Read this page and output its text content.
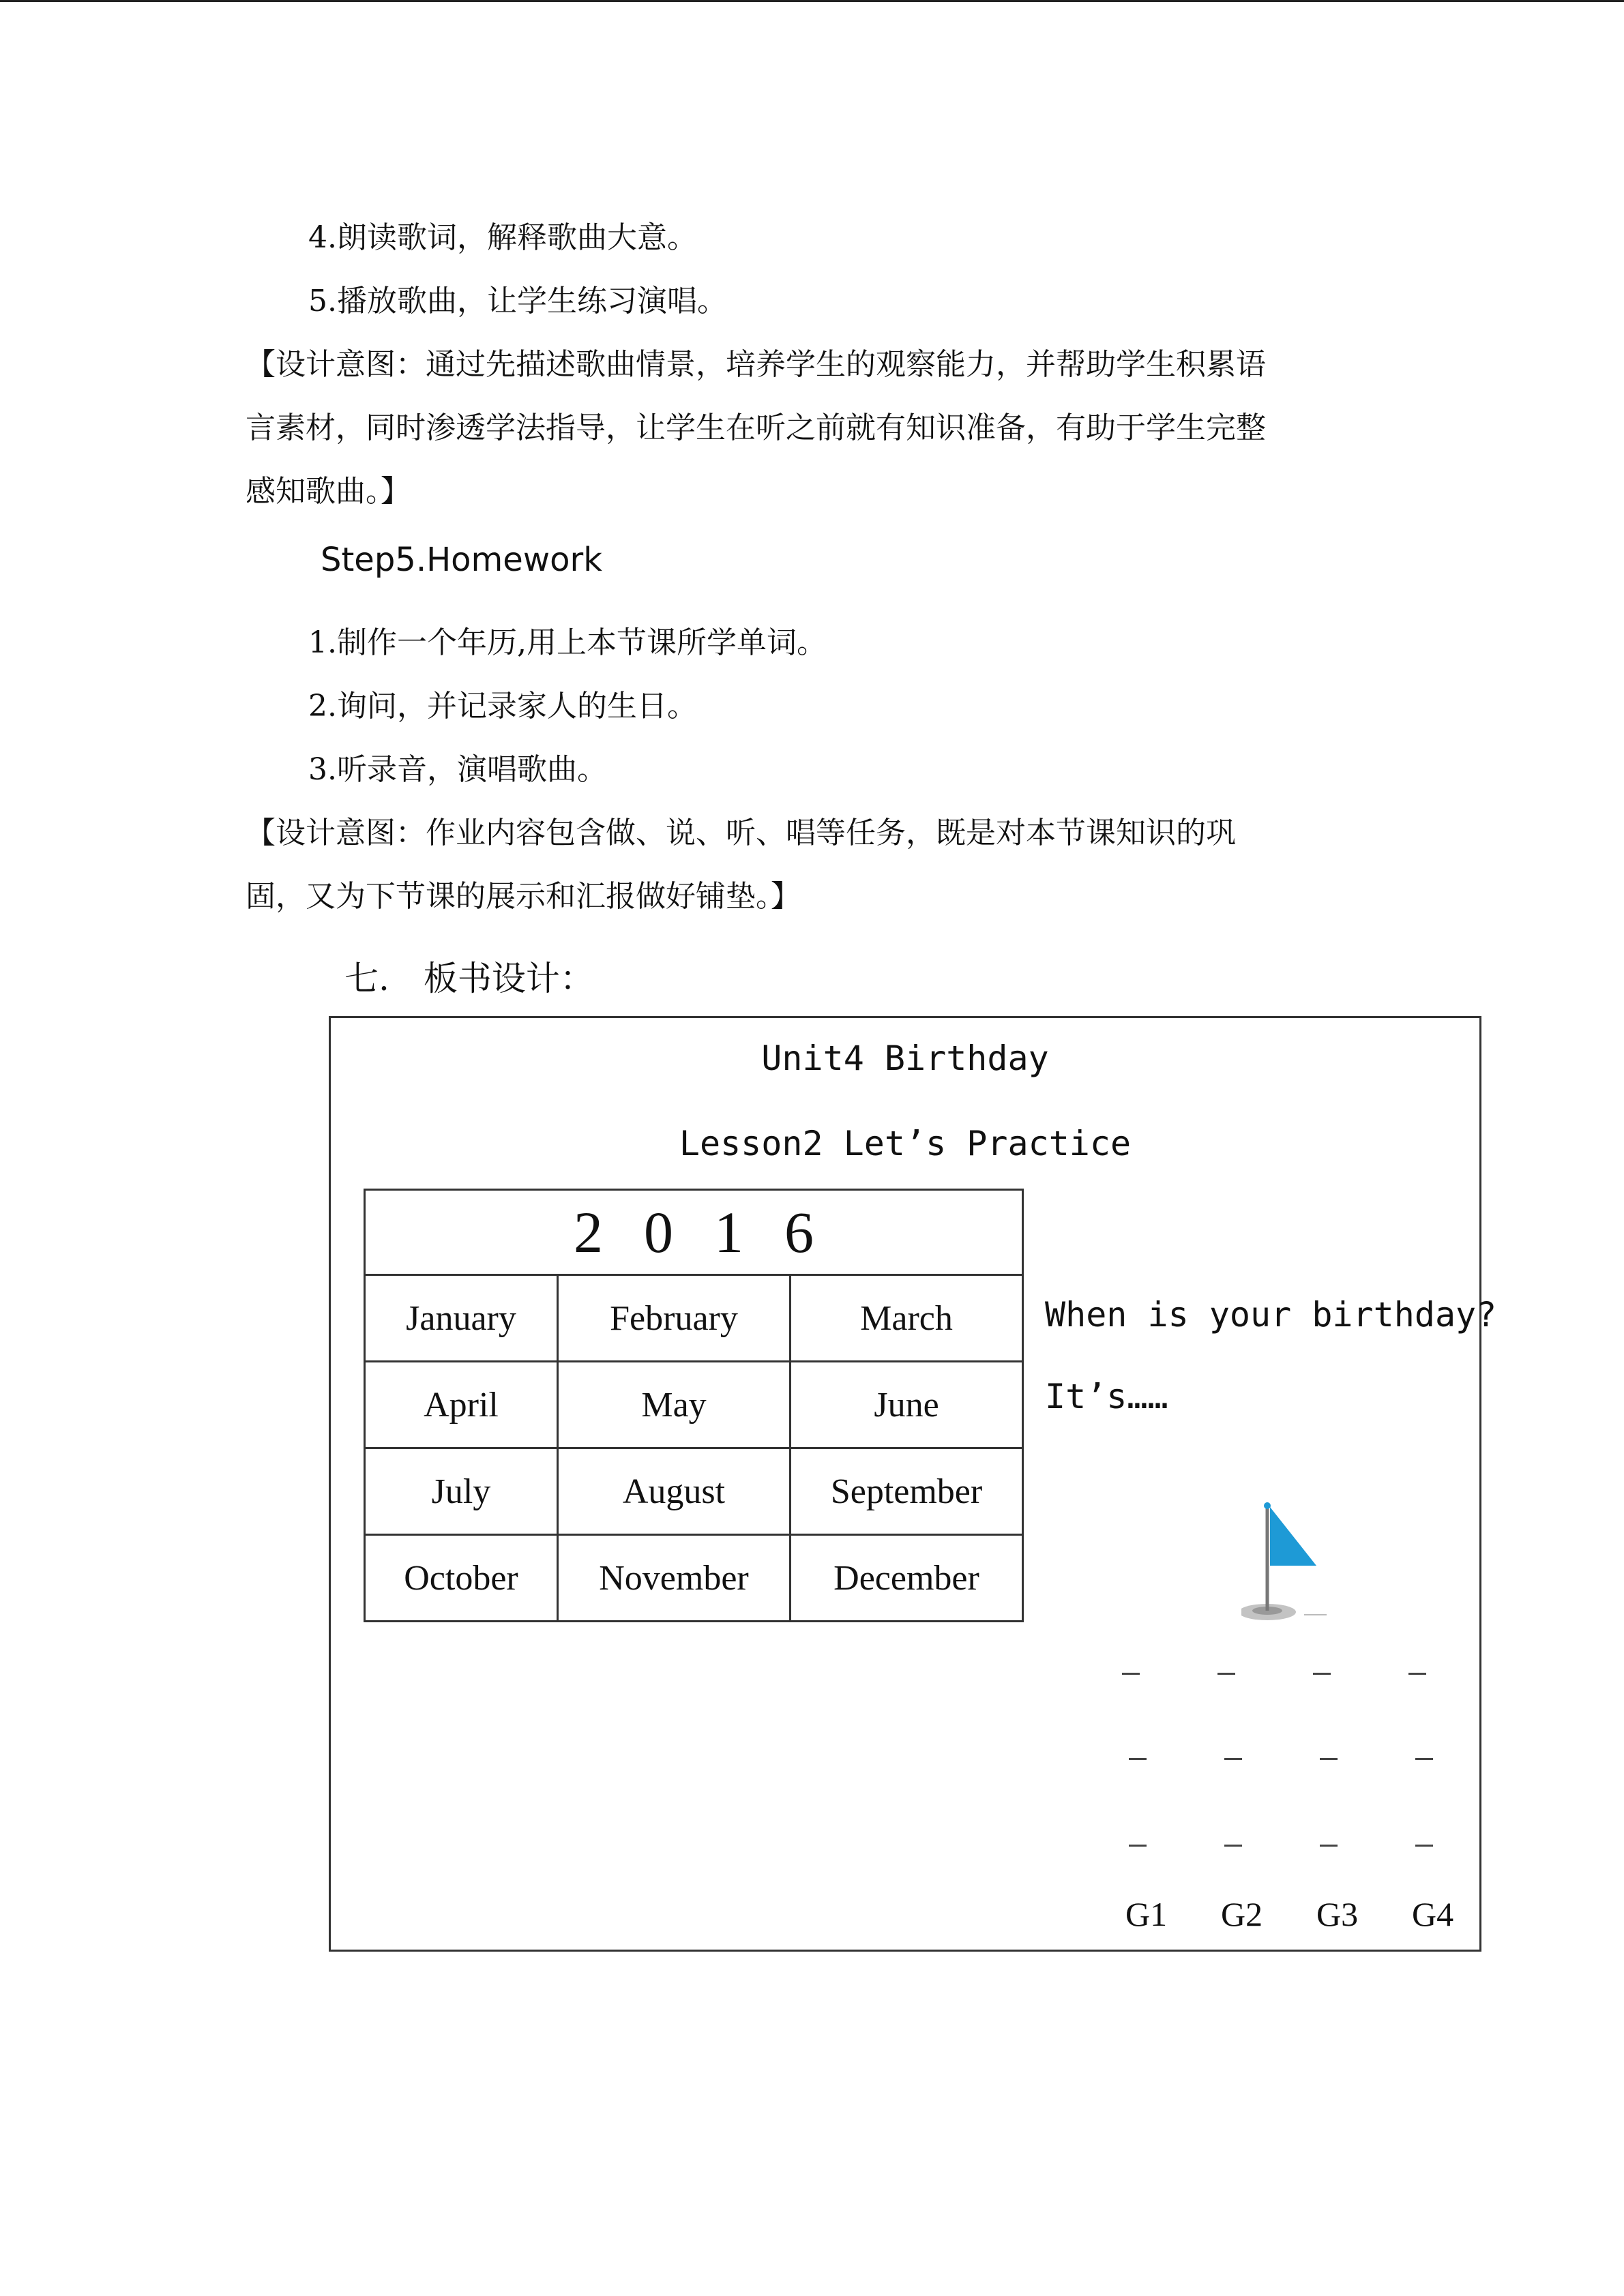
4.朗读歌词，解释歌曲大意。
5.播放歌曲，让学生练习演唱。
【设计意图：通过先描述歌曲情景，培养学生的观察能力，并帮助学生积累语
言素材，同时渗透学法指导，让学生在听之前就有知识准备，有助于学生完整
感知歌曲。】
Step5.Homework
1.制作一个年历,用上本节课所学单词。
2.询问，并记录家人的生日。
3.听录音，演唱歌曲。
【设计意图：作业内容包含做、说、听、唱等任务，既是对本节课知识的巩
固，又为下节课的展示和汇报做好铺垫。】
七.　板书设计：
Unit4 Birthday
Lesson2 Let’s Practice
2016		
January	February	March
April	May	June
July	August	September
October	November	December
When is your birthday?
It’s……
G1 G2 G3 G4
